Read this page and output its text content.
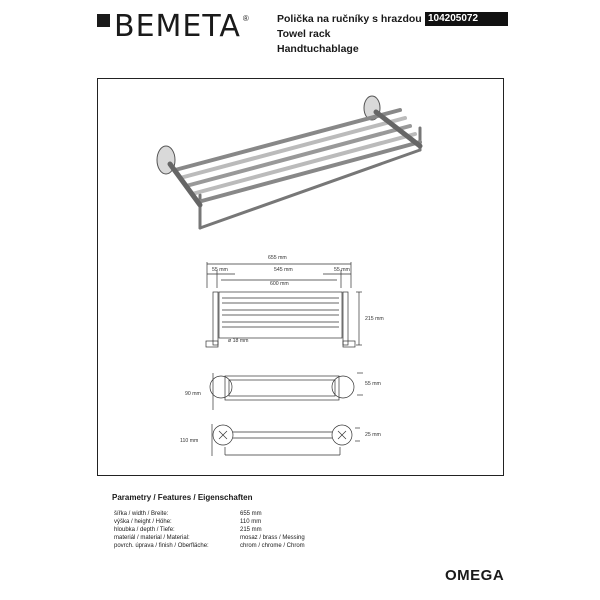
BEMETA ®	Polička na ručníky s hrazdou
Towel rack
Handtuchablage
104205072
655 mm
55 mm	545 mm	55 mm
600 mm
215 mm
ø 18 mm
90 mm
55 mm
110 mm
25 mm
Parametry / Features / Eigenschaften
šířka / width / Breite:	655 mm
výška / height / Höhe:	110 mm
hloubka / depth / Tiefe:	215 mm
materiál / material / Material:	mosaz / brass / Messing
povrch. úprava / finish / Oberfläche:	chrom / chrome / Chrom
OMEGA
